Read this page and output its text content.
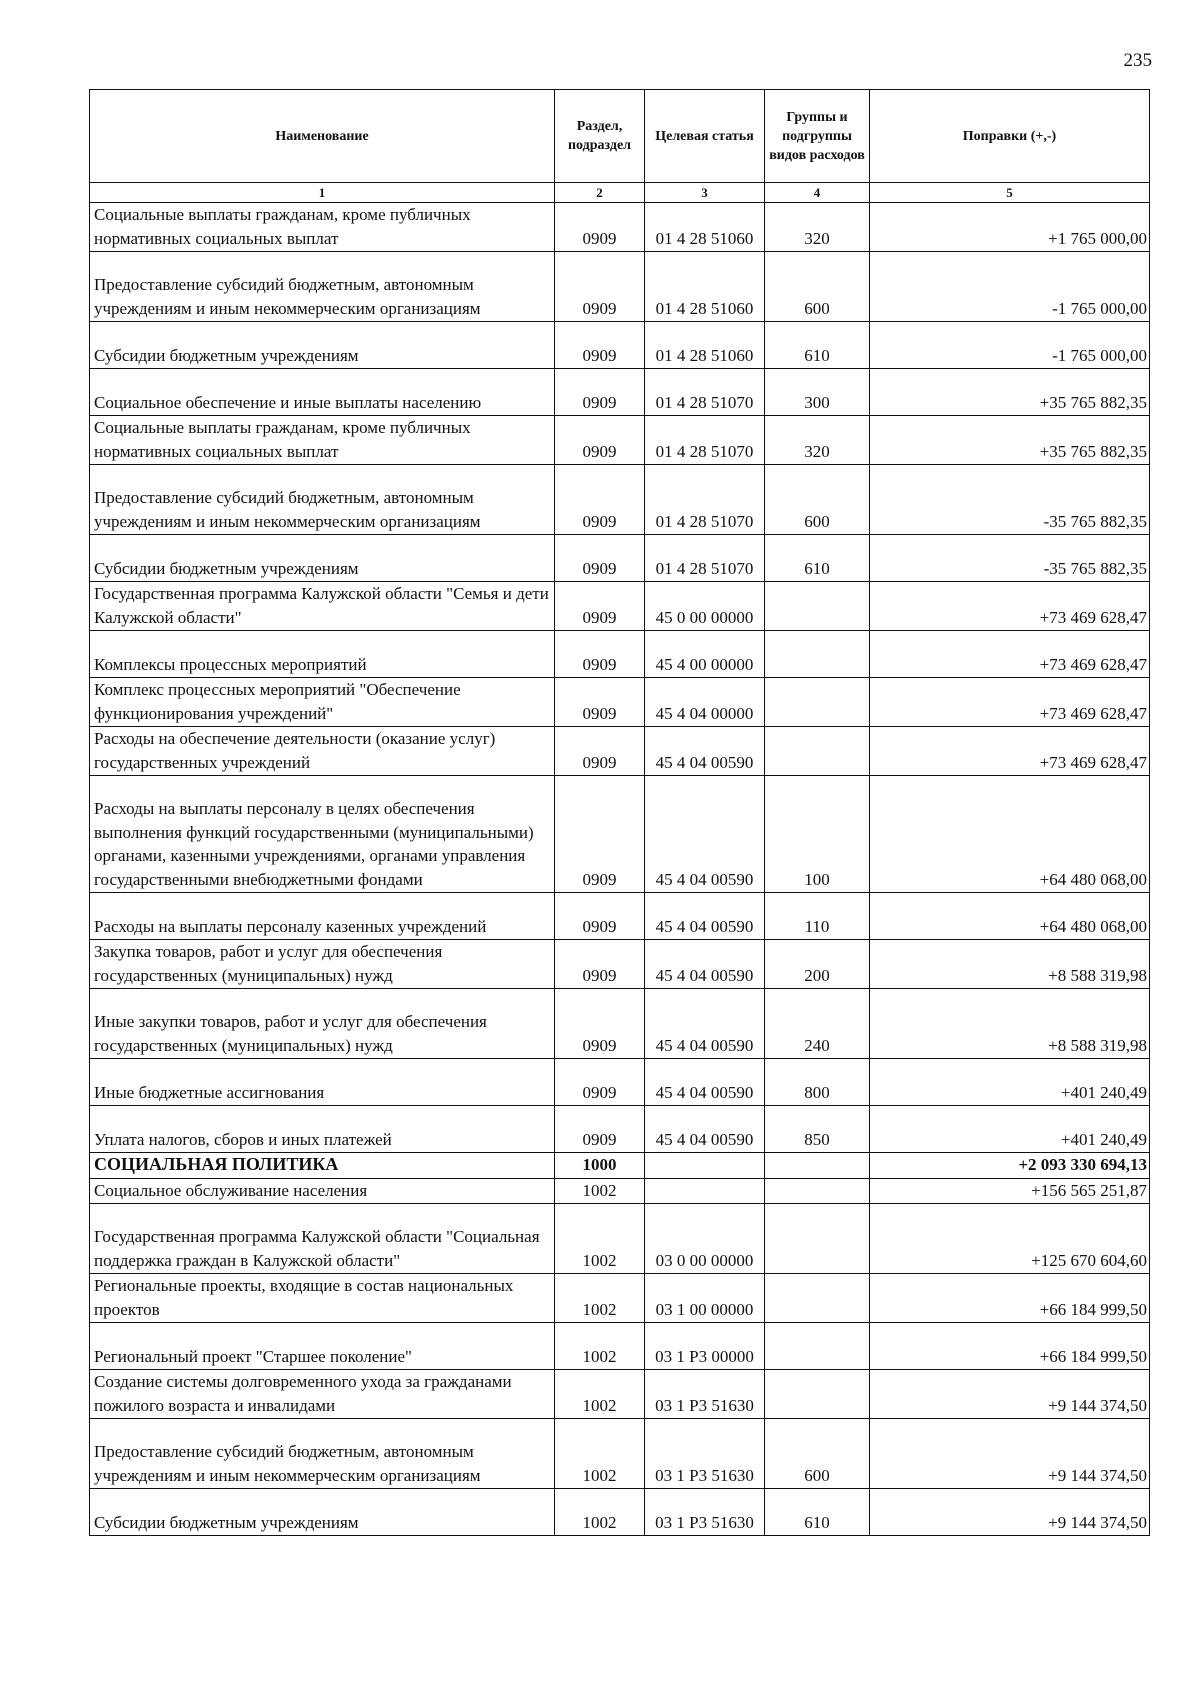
235
Наименование	Раздел, подраздел	Целевая статья	Группы и подгруппы видов расходов	Поправки (+,-)
1	2	3	4	5
Социальные выплаты гражданам, кроме публичных нормативных социальных выплат	0909	01 4 28 51060	320	+1 765 000,00
Предоставление субсидий бюджетным, автономным учреждениям и иным некоммерческим организациям	0909	01 4 28 51060	600	-1 765 000,00
Субсидии бюджетным учреждениям	0909	01 4 28 51060	610	-1 765 000,00
Социальное обеспечение и иные выплаты населению	0909	01 4 28 51070	300	+35 765 882,35
Социальные выплаты гражданам, кроме публичных нормативных социальных выплат	0909	01 4 28 51070	320	+35 765 882,35
Предоставление субсидий бюджетным, автономным учреждениям и иным некоммерческим организациям	0909	01 4 28 51070	600	-35 765 882,35
Субсидии бюджетным учреждениям	0909	01 4 28 51070	610	-35 765 882,35
Государственная программа Калужской области "Семья и дети Калужской области"	0909	45 0 00 00000		+73 469 628,47
Комплексы процессных мероприятий	0909	45 4 00 00000		+73 469 628,47
Комплекс процессных мероприятий "Обеспечение функционирования учреждений"	0909	45 4 04 00000		+73 469 628,47
Расходы на обеспечение деятельности (оказание услуг) государственных учреждений	0909	45 4 04 00590		+73 469 628,47
Расходы на выплаты персоналу в целях обеспечения выполнения функций государственными (муниципальными) органами, казенными учреждениями, органами управления государственными внебюджетными фондами	0909	45 4 04 00590	100	+64 480 068,00
Расходы на выплаты персоналу казенных учреждений	0909	45 4 04 00590	110	+64 480 068,00
Закупка товаров, работ и услуг для обеспечения государственных (муниципальных) нужд	0909	45 4 04 00590	200	+8 588 319,98
Иные закупки товаров, работ и услуг для обеспечения государственных (муниципальных) нужд	0909	45 4 04 00590	240	+8 588 319,98
Иные бюджетные ассигнования	0909	45 4 04 00590	800	+401 240,49
Уплата налогов, сборов и иных платежей	0909	45 4 04 00590	850	+401 240,49
СОЦИАЛЬНАЯ ПОЛИТИКА	1000			+2 093 330 694,13
Социальное обслуживание населения	1002			+156 565 251,87
Государственная программа Калужской области "Социальная поддержка граждан в Калужской области"	1002	03 0 00 00000		+125 670 604,60
Региональные проекты, входящие в состав национальных проектов	1002	03 1 00 00000		+66 184 999,50
Региональный проект "Старшее поколение"	1002	03 1 P3 00000		+66 184 999,50
Создание системы долговременного ухода за гражданами пожилого возраста и инвалидами	1002	03 1 P3 51630		+9 144 374,50
Предоставление субсидий бюджетным, автономным учреждениям и иным некоммерческим организациям	1002	03 1 P3 51630	600	+9 144 374,50
Субсидии бюджетным учреждениям	1002	03 1 P3 51630	610	+9 144 374,50
